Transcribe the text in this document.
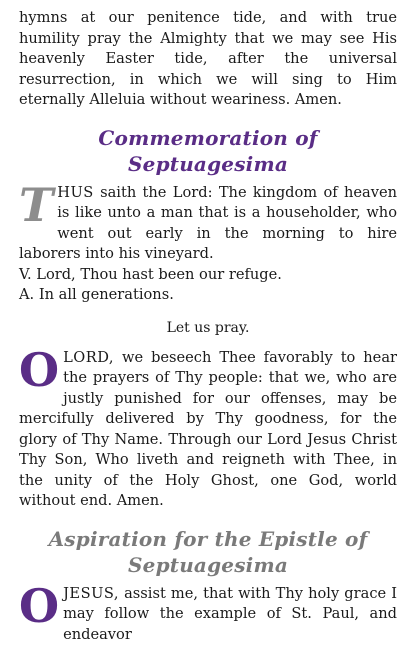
hymns at our penitence tide, and with true humility pray the Almighty that we may see His heavenly Easter tide, after the universal resurrection, in which we will sing to Him eternally Alleluia without weariness. Amen.

Commemoration of Septuagesima

THUS saith the Lord: The kingdom of heaven is like unto a man that is a householder, who went out early in the morning to hire laborers into his vineyard.

V. Lord, Thou hast been our refuge.

A. In all generations.

Let us pray.

OLORD, we beseech Thee favorably to hear the prayers of Thy people: that we, who are justly punished for our offenses, may be mercifully delivered by Thy goodness, for the glory of Thy Name. Through our Lord Jesus Christ Thy Son, Who liveth and reigneth with Thee, in the unity of the Holy Ghost, one God, world without end. Amen.

Aspiration for the Epistle of Septuagesima

OJESUS, assist me, that with Thy holy grace I may follow the example of St. Paul, and endeavor
